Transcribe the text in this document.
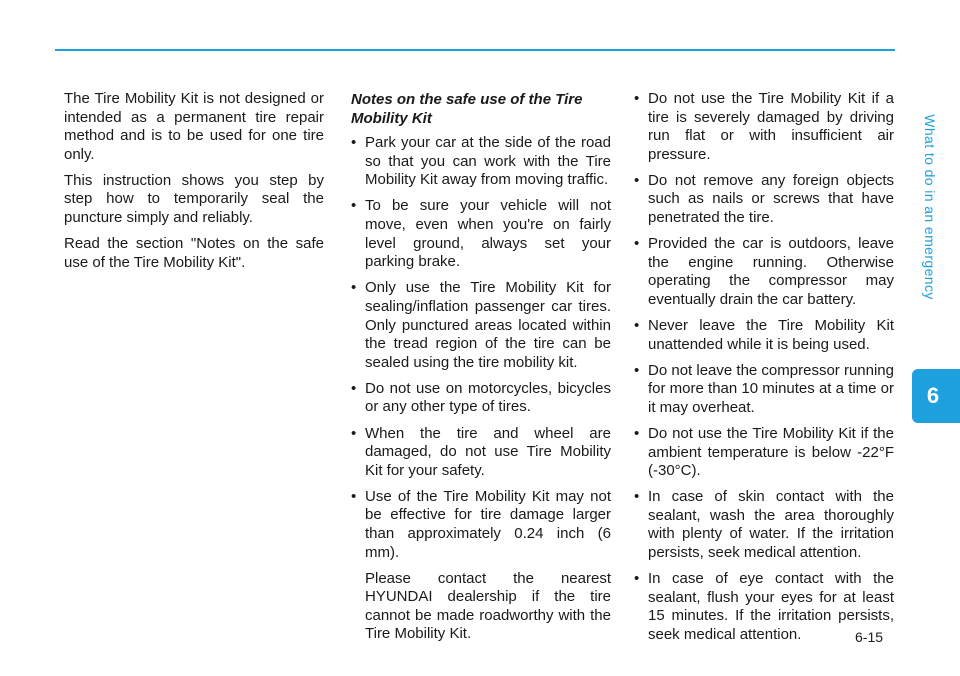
What to do in an emergency
6

The Tire Mobility Kit is not designed or intended as a permanent tire repair method and is to be used for one tire only.

This instruction shows you step by step how to temporarily seal the puncture simply and reliably.

Read the section "Notes on the safe use of the Tire Mobility Kit".

Notes on the safe use of the Tire Mobility Kit
• Park your car at the side of the road so that you can work with the Tire Mobility Kit away from moving traffic.
• To be sure your vehicle will not move, even when you're on fairly level ground, always set your parking brake.
• Only use the Tire Mobility Kit for sealing/inflation passenger car tires. Only punctured areas located within the tread region of the tire can be sealed using the tire mobility kit.
• Do not use on motorcycles, bicycles or any other type of tires.
• When the tire and wheel are damaged, do not use Tire Mobility Kit for your safety.
• Use of the Tire Mobility Kit may not be effective for tire damage larger than approximately 0.24 inch (6 mm).

Please contact the nearest HYUNDAI dealership if the tire cannot be made roadworthy with the Tire Mobility Kit.

• Do not use the Tire Mobility Kit if a tire is severely damaged by driving run flat or with insufficient air pressure.
• Do not remove any foreign objects such as nails or screws that have penetrated the tire.
• Provided the car is outdoors, leave the engine running. Otherwise operating the compressor may eventually drain the car battery.
• Never leave the Tire Mobility Kit unattended while it is being used.
• Do not leave the compressor running for more than 10 minutes at a time or it may overheat.
• Do not use the Tire Mobility Kit if the ambient temperature is below -22°F (-30°C).
• In case of skin contact with the sealant, wash the area thoroughly with plenty of water. If the irritation persists, seek medical attention.
• In case of eye contact with the sealant, flush your eyes for at least 15 minutes. If the irritation persists, seek medical attention.	6-15
